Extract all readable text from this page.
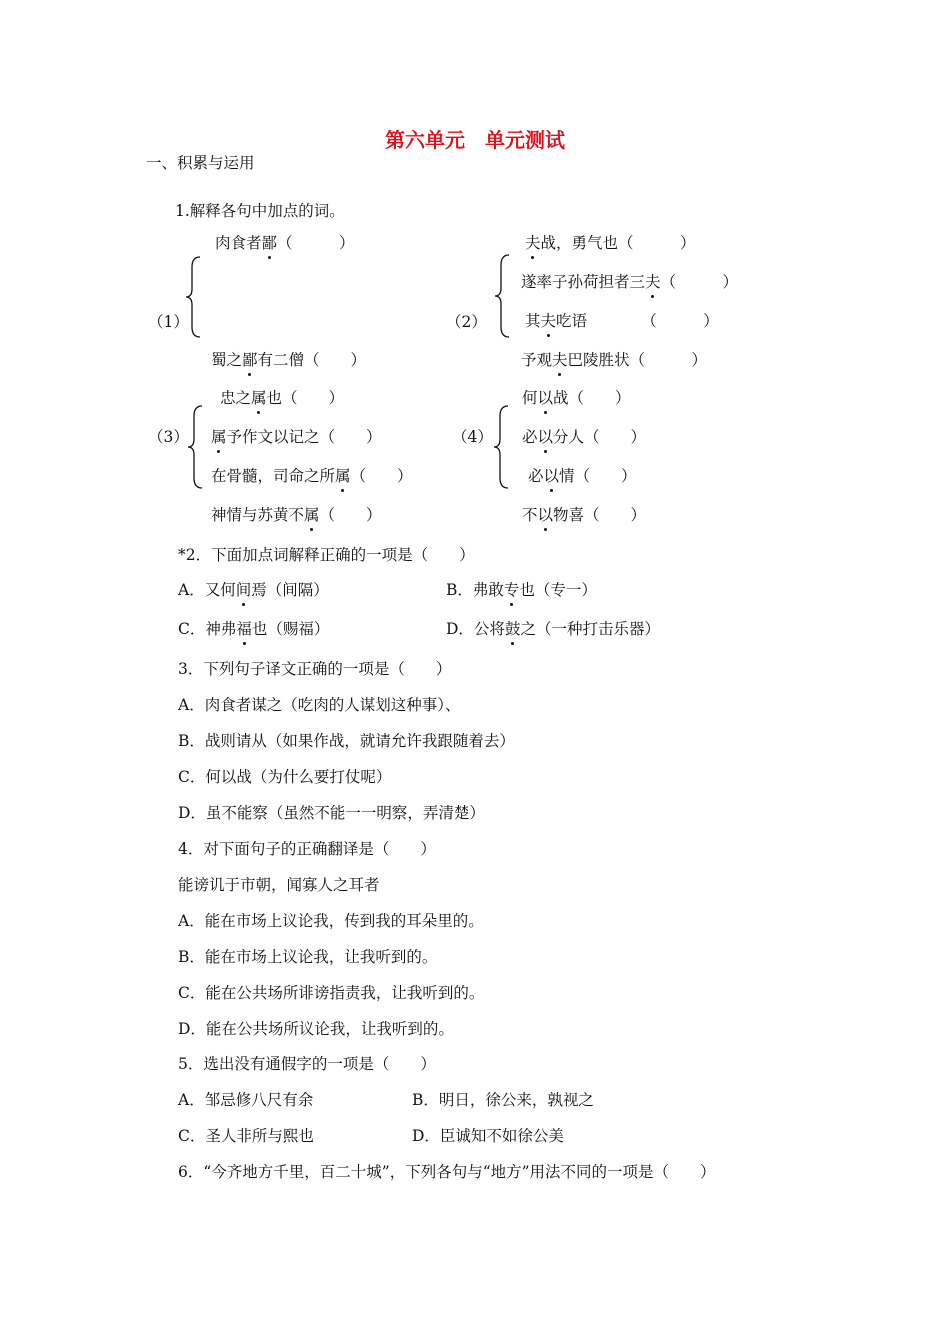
第六单元　单元测试
一、积累与运用
1.解释各句中加点的词。
（1）
肉食者鄙（　　　）
蜀之鄙有二僧（　　）
（2）
夫战，勇气也（　　　）
遂率子孙荷担者三夫（　　　）
其夫吃语　　　　（　　　）
予观夫巴陵胜状（　　　）
（3）
忠之属也（　　）
属予作文以记之（　　）
在骨髓，司命之所属（　　）
神情与苏黄不属（　　）
（4）
何以战（　　）
必以分人（　　）
必以情（　　）
不以物喜（　　）
*2．下面加点词解释正确的一项是（　　）
A．又何间焉（间隔）	B．弗敢专也（专一）
C．神弗福也（赐福）	D．公将鼓之（一种打击乐器）
3．下列句子译文正确的一项是（　　）
A．肉食者谋之（吃肉的人谋划这种事）、
B．战则请从（如果作战，就请允许我跟随着去）
C．何以战（为什么要打仗呢）
D．虽不能察（虽然不能一一明察，弄清楚）
4．对下面句子的正确翻译是（　　）
能谤讥于市朝，闻寡人之耳者
A．能在市场上议论我，传到我的耳朵里的。
B．能在市场上议论我，让我听到的。
C．能在公共场所诽谤指责我，让我听到的。
D．能在公共场所议论我，让我听到的。
5．选出没有通假字的一项是（　　）
A．邹忌修八尺有余	B．明日，徐公来，孰视之
C．圣人非所与熙也	D．臣诚知不如徐公美
6．“今齐地方千里，百二十城”，下列各句与“地方”用法不同的一项是（　　）
